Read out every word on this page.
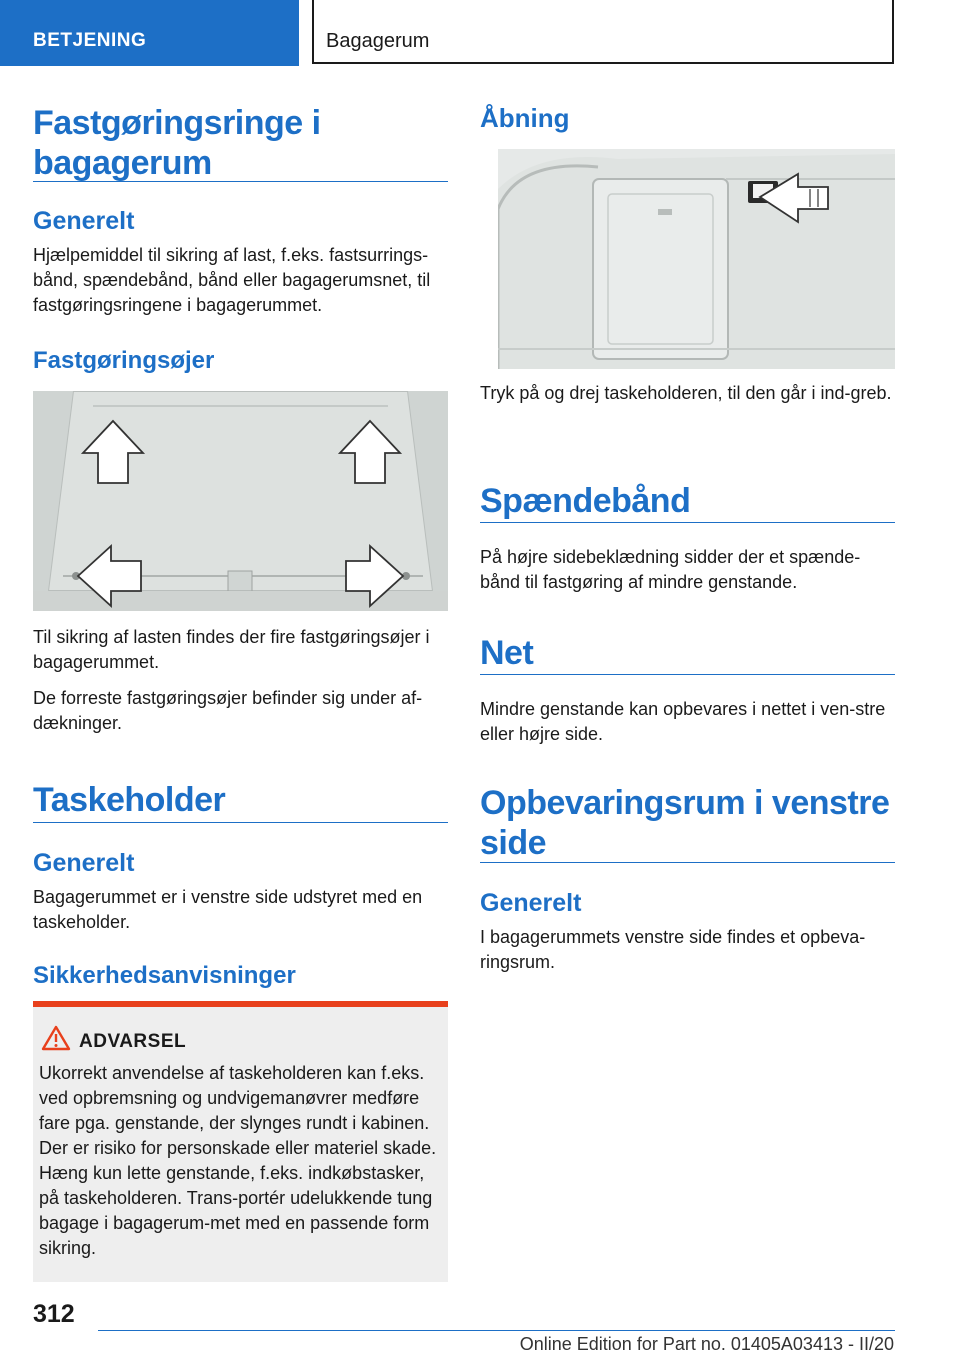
BETJENING	Bagagerum
Fastgøringsringe i bagagerum
Generelt
Hjælpemiddel til sikring af last, f.eks. fastsurrings-bånd, spændebånd, bånd eller bagagerumsnet, til fastgøringsringene i bagagerummet.
Fastgøringsøjer
Til sikring af lasten findes der fire fastgøringsøjer i bagagerummet.
De forreste fastgøringsøjer befinder sig under af-dækninger.
Taskeholder
Generelt
Bagagerummet er i venstre side udstyret med en taskeholder.
Sikkerhedsanvisninger
ADVARSEL
Ukorrekt anvendelse af taskeholderen kan f.eks. ved opbremsning og undvigemanøvrer medføre fare pga. genstande, der slynges rundt i kabinen. Der er risiko for personskade eller materiel skade. Hæng kun lette genstande, f.eks. indkøbstasker, på taskeholderen. Trans-portér udelukkende tung bagage i bagagerum-met med en passende form sikring.
Åbning
Tryk på og drej taskeholderen, til den går i ind-greb.
Spændebånd
På højre sidebeklædning sidder der et spænde-bånd til fastgøring af mindre genstande.
Net
Mindre genstande kan opbevares i nettet i ven-stre eller højre side.
Opbevaringsrum i venstre side
Generelt
I bagagerummets venstre side findes et opbeva-ringsrum.
312
Online Edition for Part no. 01405A03413 - II/20
